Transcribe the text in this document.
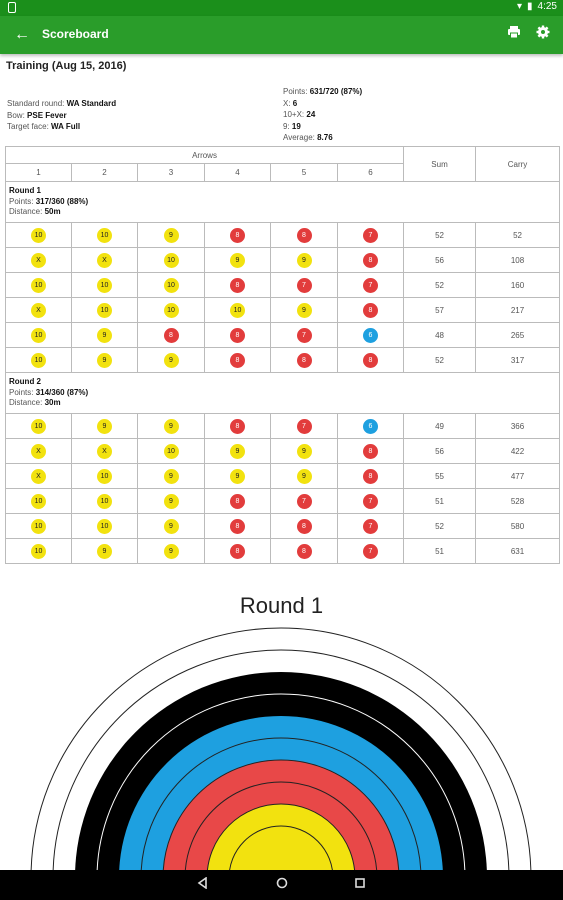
▾ ▮ 4:25
← Scoreboard
Training (Aug 15, 2016)
Standard round: WA Standard
Bow: PSE Fever
Target face: WA Full
Points: 631/720 (87%)
X: 6
10+X: 24
9: 19
Average: 8.76
Arrows						Sum	Carry
1	2	3	4	5	6		

Round 1
Points: 317/360 (88%)
Distance: 50m							

10	10	9	8	8	7	52	52
X	X	10	9	9	8	56	108
10	10	10	8	7	7	52	160
X	10	10	10	9	8	57	217
10	9	8	8	7	6	48	265
10	9	9	8	8	8	52	317

Round 2
Points: 314/360 (87%)
Distance: 30m							

10	9	9	8	7	6	49	366
X	X	10	9	9	8	56	422
X	10	9	9	9	8	55	477
10	10	9	8	7	7	51	528
10	10	9	8	8	7	52	580
10	9	9	8	8	7	51	631
Round 1
